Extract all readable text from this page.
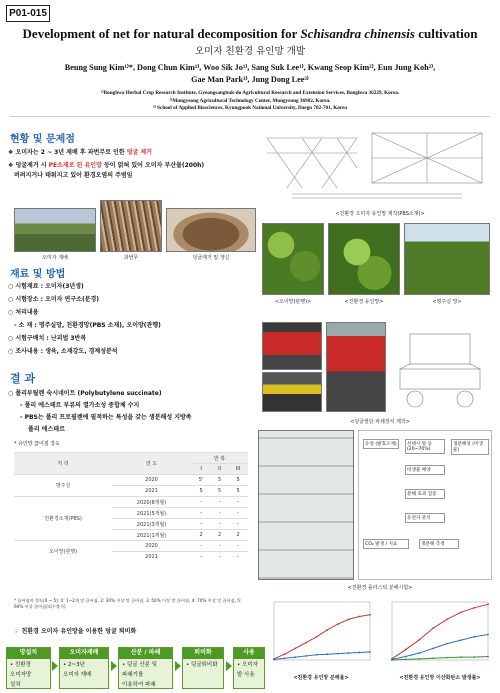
P01-015
Development of net for natural decomposition for Schisandra chinensis cultivation
오미자 친환경 유인망 개발
Beung Sung Kim¹⁾*, Dong Chun Kim¹⁾, Woo Sik Jo¹⁾, Sang Suk Lee¹⁾, Kwang Seop Kim²⁾, Eun Jung Koh²⁾,
Gae Man Park³⁾, Jung Dong Lee³⁾
¹⁾Bonghwa Herbal Crop Research Institute, Gyeongsangbuk-do Agricultural Research and Extension Services, Bonghwa 36229, Korea.
²⁾Mungyeong Agricultural Technology Center, Mungyeong 36982, Korea.
³⁾ School of Applied Biosciences, Kyungpook National University, Daegu 702-701, Korea
현황 및 문제점
❖ 오미자는 2 ~ 3년 재배 후 과번무로 인한 덩굴 제거
❖ 덩굴제거 시 PE소재로 된 유인망 등이 얽혀 있어 오미자 부산물(200h)
버려지거나 태워지고 있어 환경오염의 주범임
오미자 재배	과번무	덩굴제거 및 갱신
재료 및 방법
○ 시험재료 : 오미자(3년생)
○ 시험장소 : 오미자 연구소(문경)
○ 처리내용
- 소 재 : 명주실망, 친환경망(PBS 소재), 오이망(관행)
○ 시험구배치 : 난괴법 3반복
○ 조사내용 : 생육, 소재강도, 경제성분석
결 과
○ 폴리부틸렌 숙시네이트 (Polybutylene succinate)
- 폴리 에스테르 부류의 열가소성 중합체 수지
- PBS는 폴리 프로필렌에 필적하는 특성을 갖는 생분해성 지방족
폴리 에스테르
* 유인망 끊어짐 강도
처 리	연 도	반 복		
		I	II	III
명주실	2020	5'	5	5
	2021	5	5	5
친환경소재(PBS)	2020(8개월)	-	-	-
	2021(5개월)	-	-	-
	2021(3개월)	-	-	-
	2021(1개월)	2	2	2
오이망(관행)	2020	-	-	-
	2021	-	-	-
* 끊어짐의 정도(0 ~ 5): 0: 1~2개 망 끊어짐, 2: 30% 이상 망 끊어짐, 3: 50% 이상 망 끊어짐, 4: 70% 이상 망 끊어짐, 5: 90% 이상 끊어짐(회수불가)
☞ 친환경 오미자 유인망을 이용한 덩굴 퇴비화
망설치
• 친환경
오미자망
설치
오미자재배
• 2~3년
오미자 재배
산분 / 파쇄
• 덩굴 산분 및
파쇄기를
이용하여 파쇄
퇴비화
• 덩굴퇴비화
사용
• 오미자
밭 사용
<친환경 오미자 유인망 제작(PBS소재)>
<오이망(관행)>	<친환경 유인망>	<명주실 망>
<덩굴절단 파쇄장치 제작>
유청 (발효소재)	선택시 망 등 (20~70%)
생분해성 (미생물)
미생물 배양
분해 효과 검증
유전자 분석
CO₂ 발생 / 지표	생분해 측정
<친환경 플라스틱 분해시험>
<친환경 유인망 분해율>	<친환경 유인망 이산화탄소 발생률>
